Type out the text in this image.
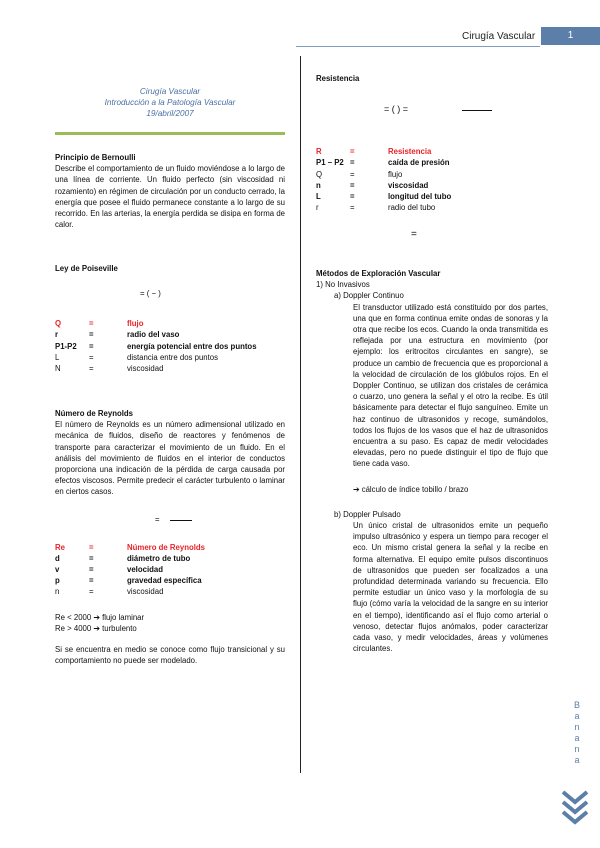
Cirugía Vascular	1
Cirugía Vascular
Introducción a la Patología Vascular
19/abril/2007
Principio de Bernoulli
Describe el comportamiento de un fluido moviéndose a lo largo de una línea de corriente. Un fluido perfecto (sin viscosidad ni rozamiento) en régimen de circulación por un conducto cerrado, la energía que posee el fluido permanece constante a lo largo de su recorrido. En las arterias, la energía perdida se disipa en forma de calor.
Ley de Poiseville
= ( − )
Q	=	flujo
r	=	radio del vaso
P1-P2	=	energía potencial entre dos puntos
L	=	distancia entre dos puntos
N	=	viscosidad
Número de Reynolds
El número de Reynolds es un número adimensional utilizado en mecánica de fluidos, diseño de reactores y fenómenos de transporte para caracterizar el movimiento de un fluido. En el análisis del movimiento de fluidos en el interior de conductos proporciona una indicación de la pérdida de carga causada por efectos viscosos. Permite predecir el carácter turbulento o laminar en ciertos casos.
=
Re	=	Número de Reynolds
d	=	diámetro de tubo
v	=	velocidad
p	=	gravedad específica
n	=	viscosidad
Re < 2000 ➔ flujo laminar
Re > 4000 ➔ turbulento
Si se encuentra en medio se conoce como flujo transicional y su comportamiento no puede ser modelado.
Resistencia
= ( ) =
R	=	Resistencia
P1 – P2 =	caída de presión
Q	=	flujo
n	=	viscosidad
L	=	longitud del tubo
r	=	radio del tubo
=
Métodos de Exploración Vascular
1) No Invasivos
a) Doppler Continuo
El transductor utilizado está constituido por dos partes, una que en forma continua emite ondas de sonoras y la otra que recibe los ecos. Cuando la onda transmitida es reflejada por una estructura en movimiento (por ejemplo: los eritrocitos circulantes en sangre), se produce un cambio de frecuencia que es proporcional a la velocidad de circulación de los glóbulos rojos. En el Doppler Continuo, se utilizan dos cristales de cerámica o cuarzo, uno genera la señal y el otro la recibe. Es útil básicamente para detectar el flujo sanguíneo. Emite un haz continuo de ultrasonidos y recoge, sumándolos, todos los flujos de los vasos que el haz de ultrasonidos encuentra a su paso. Es capaz de medir velocidades elevadas, pero no puede distinguir el tipo de flujo que tiene cada vaso.
➔ cálculo de índice tobillo / brazo
b) Doppler Pulsado
Un único cristal de ultrasonidos emite un pequeño impulso ultrasónico y espera un tiempo para recoger el eco. Un mismo cristal genera la señal y la recibe en forma alternativa. El equipo emite pulsos discontinuos de ultrasonidos que pueden ser focalizados a una profundidad determinada variando su frecuencia. Ello permite estudiar un único vaso y la morfología de su flujo (cómo varía la velocidad de la sangre en su interior en el tiempo), identificando así el flujo como arterial o venoso, detectar flujos anómalos, poder caracterizar cada vaso, y medir velocidades, áreas y volúmenes circulantes.
B
a
n
a
n
a
